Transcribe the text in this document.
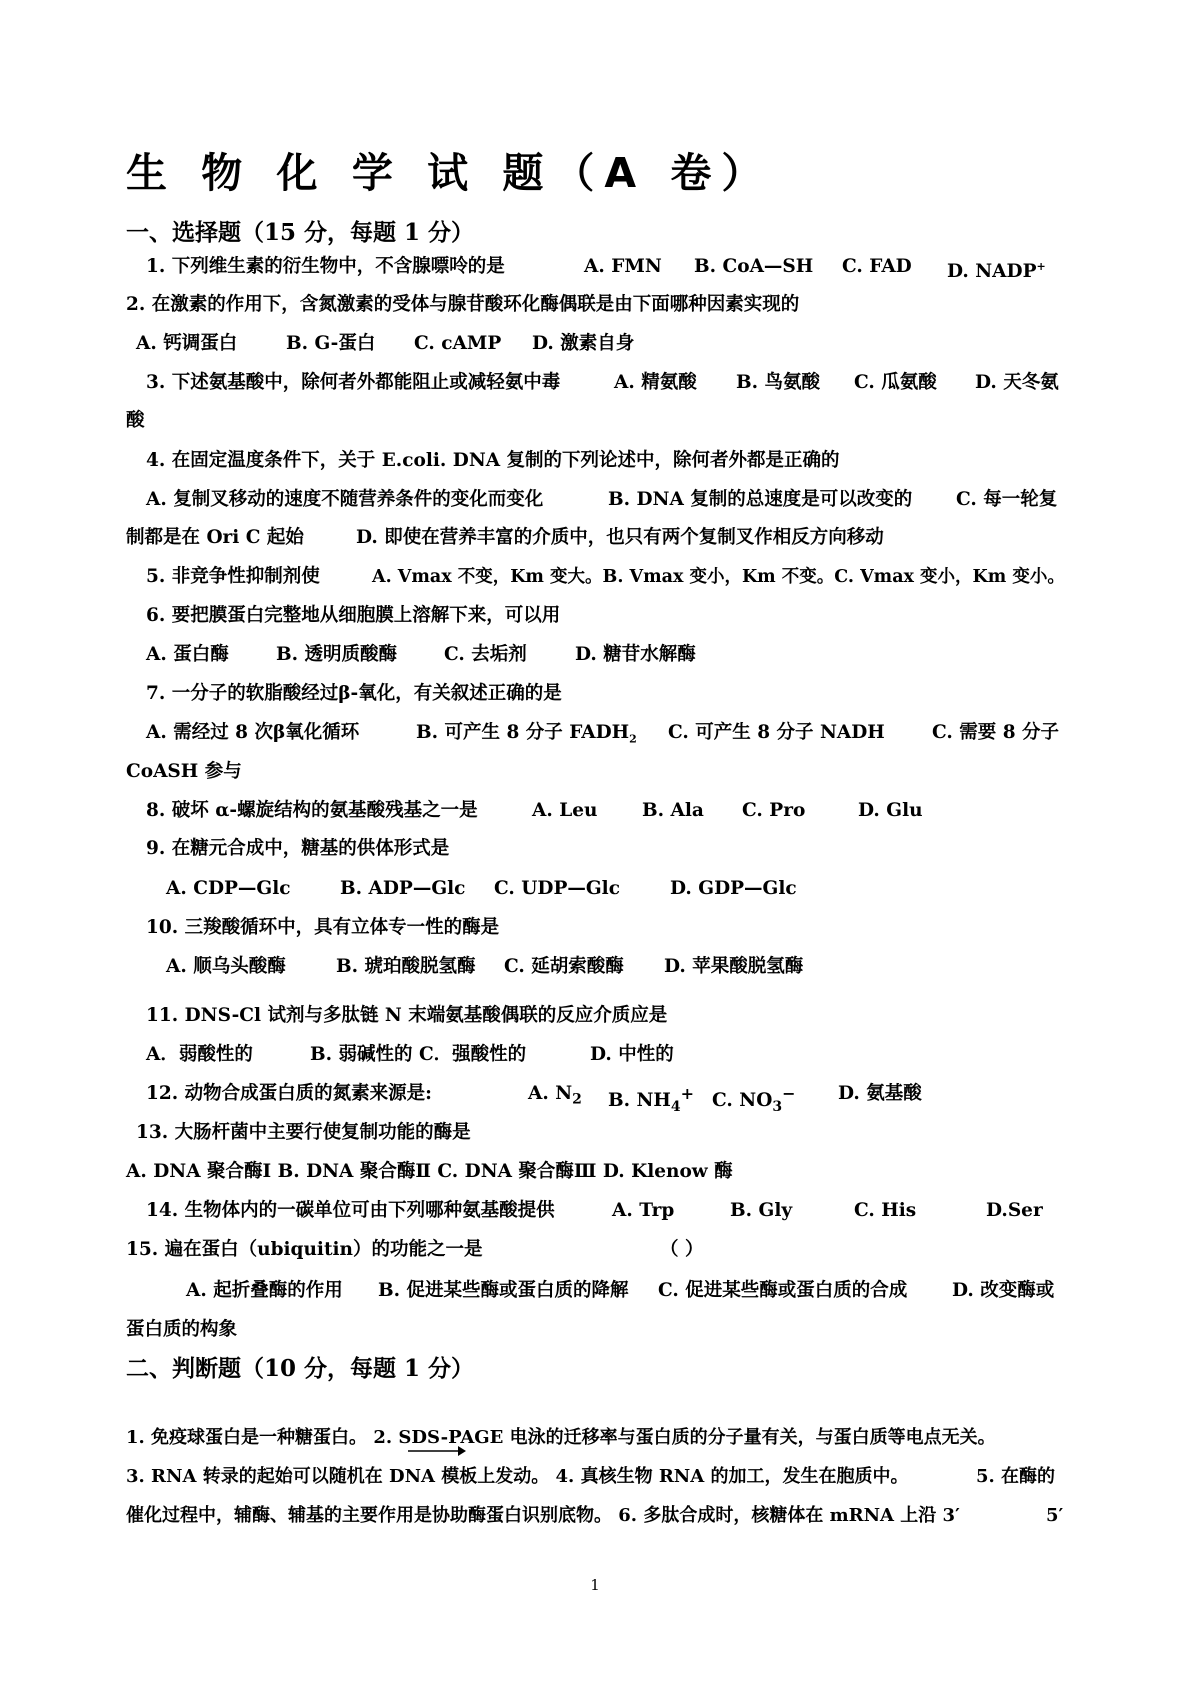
生 物 化 学 试 题（A 卷）
一、选择题（15 分，每题 1 分）
1. 下列维生素的衍生物中，不含腺嘌呤的是	A. FMN B. CoA—SH C. FAD D. NADP+
2. 在激素的作用下，含氮激素的受体与腺苷酸环化酶偶联是由下面哪种因素实现的
A. 钙调蛋白	B. G-蛋白 C. cAMP D. 激素自身
3. 下述氨基酸中，除何者外都能阻止或减轻氨中毒	A. 精氨酸 B. 鸟氨酸 C. 瓜氨酸 D. 天冬氨
酸
4. 在固定温度条件下，关于 E.coli. DNA 复制的下列论述中，除何者外都是正确的
A. 复制叉移动的速度不随营养条件的变化而变化	B. DNA 复制的总速度是可以改变的 C. 每一轮复
制都是在 Ori C 起始	D. 即使在营养丰富的介质中，也只有两个复制叉作相反方向移动
5. 非竞争性抑制剂使	A. Vmax 不变，Km 变大。B. Vmax 变小，Km 不变。C. Vmax 变小，Km 变小。
6. 要把膜蛋白完整地从细胞膜上溶解下来，可以用
A. 蛋白酶	B. 透明质酸酶	C. 去垢剂	D. 糖苷水解酶
7. 一分子的软脂酸经过β-氧化，有关叙述正确的是
A. 需经过 8 次β氧化循环	B. 可产生 8 分子 $FADH_2$ C. 可产生 8 分子 NADH	C. 需要 8 分子
CoASH 参与
8. 破坏 α-螺旋结构的氨基酸残基之一是	A. Leu B. Ala C. Pro	D. Glu
9. 在糖元合成中，糖基的供体形式是
A. CDP—Glc	B. ADP—Glc C. UDP—Glc	D. GDP—Glc
10. 三羧酸循环中，具有立体专一性的酶是
A. 顺乌头酸酶	B. 琥珀酸脱氢酶 C. 延胡索酸酶 D. 苹果酸脱氢酶
11. DNS-Cl 试剂与多肽链 N 末端氨基酸偶联的反应介质应是
A．弱酸性的	B. 弱碱性的 C．强酸性的	D. 中性的
12. 动物合成蛋白质的氮素来源是:	A. $N_2$ B. $NH_4^+$ C. $NO_3^-$ D. 氨基酸
13. 大肠杆菌中主要行使复制功能的酶是
A. DNA 聚合酶Ⅰ B. DNA 聚合酶Ⅱ C. DNA 聚合酶Ⅲ D. Klenow 酶
14. 生物体内的一碳单位可由下列哪种氨基酸提供	A. Trp	B. Gly	C. His	D.Ser
15. 遍在蛋白（ubiquitin）的功能之一是	（ ）
A. 起折叠酶的作用 B. 促进某些酶或蛋白质的降解 C. 促进某些酶或蛋白质的合成 D. 改变酶或
蛋白质的构象
二、判断题（10 分，每题 1 分）
1. 免疫球蛋白是一种糖蛋白。 2. SDS-PAGE 电泳的迁移率与蛋白质的分子量有关，与蛋白质等电点无关。
3. RNA 转录的起始可以随机在 DNA 模板上发动。 4. 真核生物 RNA 的加工，发生在胞质中。	5. 在酶的
催化过程中，辅酶、辅基的主要作用是协助酶蛋白识别底物。 6. 多肽合成时，核糖体在 mRNA 上沿 3′	5′
1
